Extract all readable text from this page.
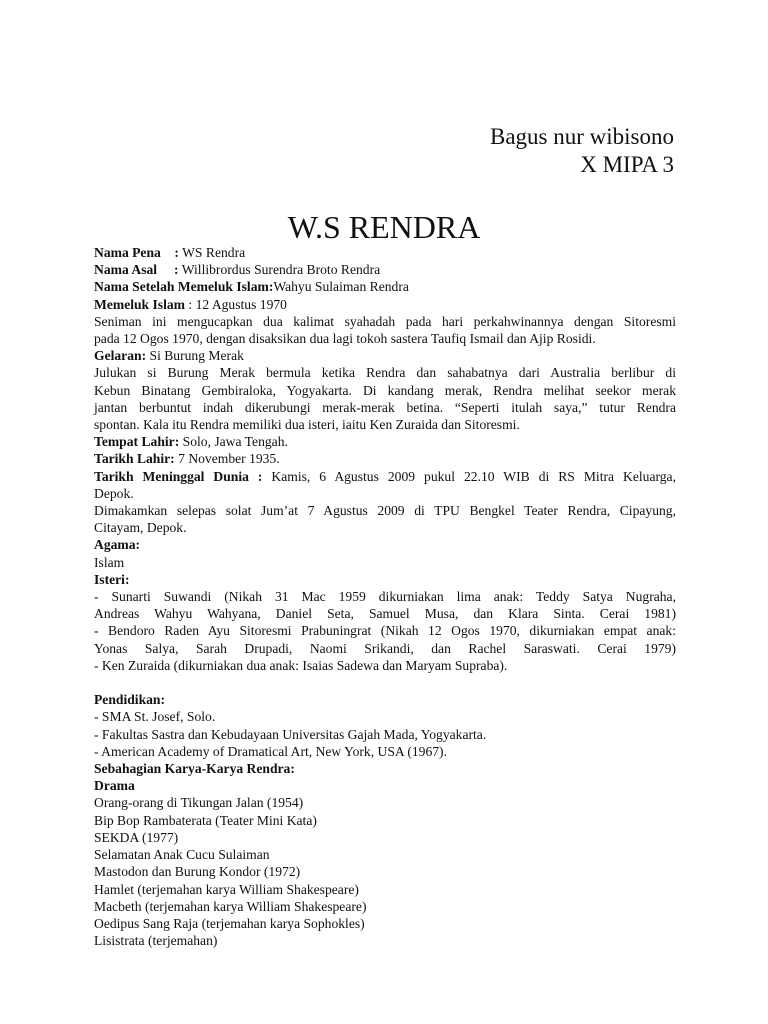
Bagus nur wibisono
X MIPA 3
W.S RENDRA
Nama Pena    : WS Rendra
Nama Asal     : Willibrordus Surendra Broto Rendra
Nama Setelah Memeluk Islam:Wahyu Sulaiman Rendra
Memeluk Islam : 12 Agustus 1970
Seniman ini mengucapkan dua kalimat syahadah pada hari perkahwinannya dengan Sitoresmi
pada 12 Ogos 1970, dengan disaksikan dua lagi tokoh sastera Taufiq Ismail dan Ajip Rosidi.
Gelaran: Si Burung Merak
Julukan si Burung Merak bermula ketika Rendra dan sahabatnya dari Australia berlibur di
Kebun Binatang Gembiraloka, Yogyakarta. Di kandang merak, Rendra melihat seekor merak
jantan berbuntut indah dikerubungi merak-merak betina. “Seperti itulah saya,” tutur Rendra
spontan. Kala itu Rendra memiliki dua isteri, iaitu Ken Zuraida dan Sitoresmi.
Tempat Lahir: Solo, Jawa Tengah.
Tarikh Lahir: 7 November 1935.
Tarikh Meninggal Dunia : Kamis, 6 Agustus 2009 pukul 22.10 WIB di RS Mitra Keluarga,
Depok.
Dimakamkan selepas solat Jum’at 7 Agustus 2009 di TPU Bengkel Teater Rendra, Cipayung,
Citayam, Depok.
Agama:
Islam
Isteri:
- Sunarti Suwandi (Nikah 31 Mac 1959 dikurniakan lima anak: Teddy Satya Nugraha,
Andreas Wahyu Wahyana, Daniel Seta, Samuel Musa, dan Klara Sinta. Cerai 1981)
- Bendoro Raden Ayu Sitoresmi Prabuningrat (Nikah 12 Ogos 1970, dikurniakan empat anak:
Yonas Salya, Sarah Drupadi, Naomi Srikandi, dan Rachel Saraswati. Cerai 1979)
- Ken Zuraida (dikurniakan dua anak: Isaias Sadewa dan Maryam Supraba).
Pendidikan:
- SMA St. Josef, Solo.
- Fakultas Sastra dan Kebudayaan Universitas Gajah Mada, Yogyakarta.
- American Academy of Dramatical Art, New York, USA (1967).
Sebahagian Karya-Karya Rendra:
Drama
Orang-orang di Tikungan Jalan (1954)
Bip Bop Rambaterata (Teater Mini Kata)
SEKDA (1977)
Selamatan Anak Cucu Sulaiman
Mastodon dan Burung Kondor (1972)
Hamlet (terjemahan karya William Shakespeare)
Macbeth (terjemahan karya William Shakespeare)
Oedipus Sang Raja (terjemahan karya Sophokles)
Lisistrata (terjemahan)
